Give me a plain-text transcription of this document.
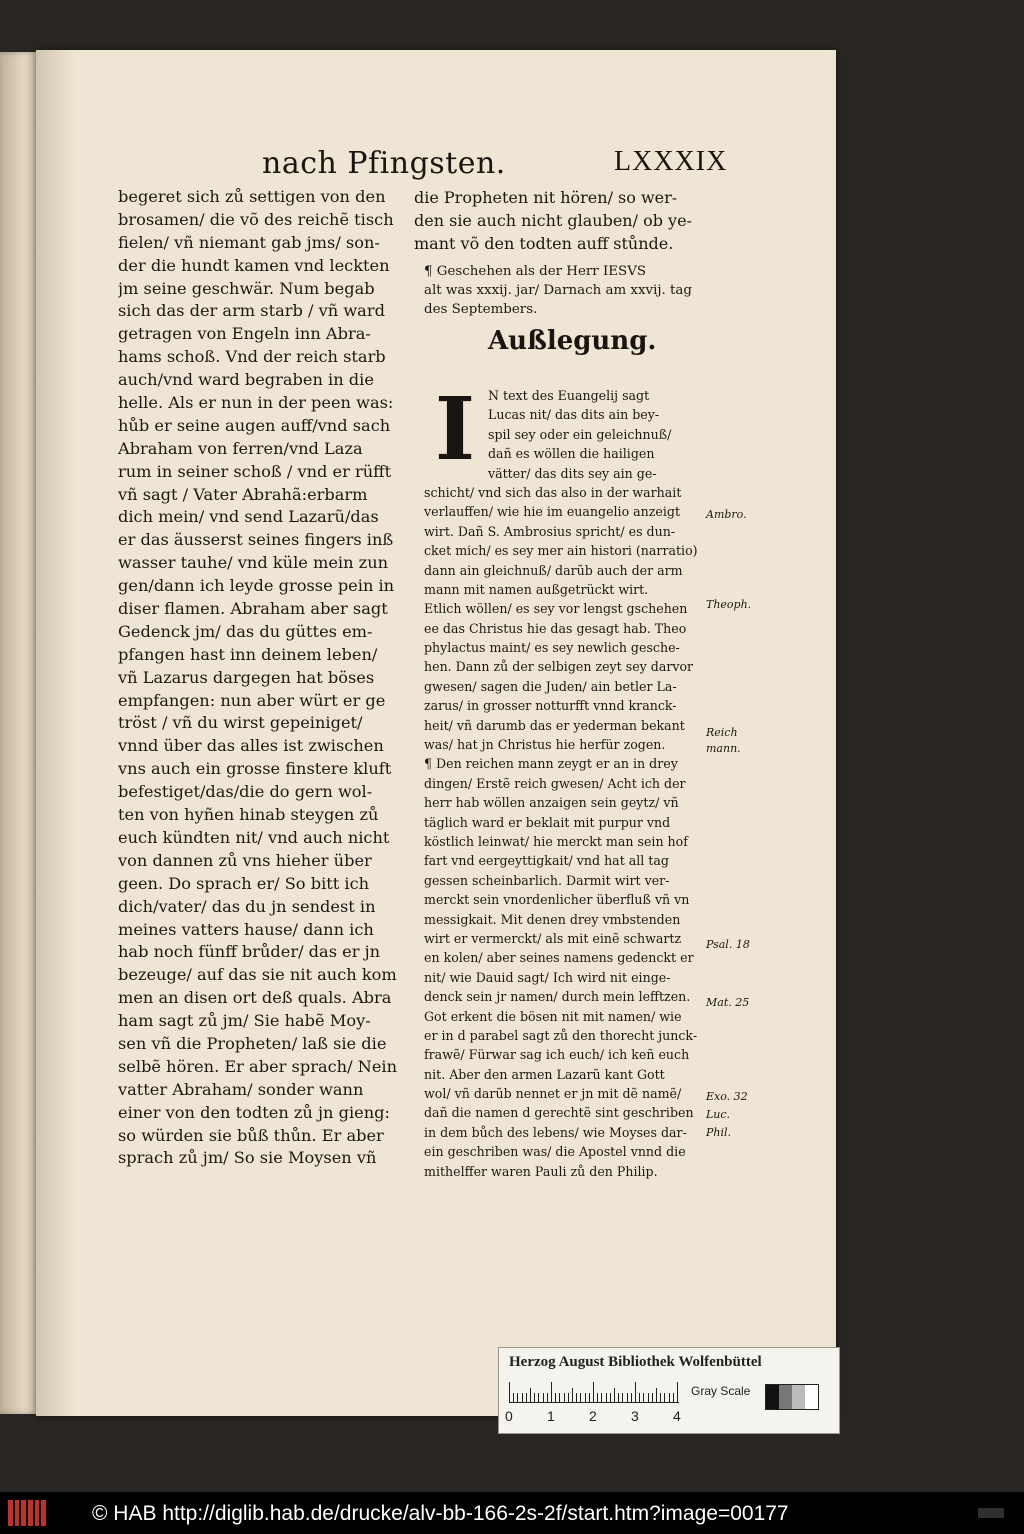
nach Pfingsten.	LXXXIX
begeret sich zů settigen von den
brosamen/ die võ des reichẽ tisch
fielen/ vñ niemant gab jms/ son-
der die hundt kamen vnd leckten
jm seine geschwär. Num begab
sich das der arm starb / vñ ward
getragen von Engeln inn Abra-
hams schoß. Vnd der reich starb
auch/vnd ward begraben in die
helle. Als er nun in der peen was:
hůb er seine augen auff/vnd sach
Abraham von ferren/vnd Laza
rum in seiner schoß / vnd er rüfft
vñ sagt / Vater Abrahã:erbarm
dich mein/ vnd send Lazarũ/das
er das äusserst seines fingers inß
wasser tauhe/ vnd küle mein zun
gen/dann ich leyde grosse pein in
diser flamen. Abraham aber sagt
Gedenck jm/ das du güttes em-
pfangen hast inn deinem leben/
vñ Lazarus dargegen hat böses
empfangen: nun aber würt er ge
tröst / vñ du wirst gepeiniget/
vnnd über das alles ist zwischen
vns auch ein grosse finstere kluft
befestiget/das/die do gern wol-
ten von hyñen hinab steygen zů
euch kündten nit/ vnd auch nicht
von dannen zů vns hieher über
geen. Do sprach er/ So bitt ich
dich/vater/ das du jn sendest in
meines vatters hause/ dann ich
hab noch fünff brůder/ das er jn
bezeuge/ auf das sie nit auch kom
men an disen ort deß quals. Abra
ham sagt zů jm/ Sie habẽ Moy-
sen vñ die Propheten/ laß sie die
selbẽ hören. Er aber sprach/ Nein
vatter Abraham/ sonder wann
einer von den todten zů jn gieng:
so würden sie bůß thůn. Er aber
sprach zů jm/ So sie Moysen vñ
die Propheten nit hören/ so wer-
den sie auch nicht glauben/ ob ye-
mant võ den todten auff stůnde.
¶ Geschehen als der Herr IESVS
alt was xxxij. jar/ Darnach am xxvij. tag
des Septembers.
Außlegung.
I	N text des Euangelij sagt
Lucas nit/ das dits ain bey-
spil sey oder ein geleichnuß/
dañ es wöllen die hailigen
vätter/ das dits sey ain ge-
schicht/ vnd sich das also in der warhait
verlauffen/ wie hie im euangelio anzeigt
wirt. Dañ S. Ambrosius spricht/ es dun-
cket mich/ es sey mer ain histori (narratio)
dann ain gleichnuß/ darũb auch der arm
mann mit namen außgetrückt wirt.
Etlich wöllen/ es sey vor lengst gschehen
ee das Christus hie das gesagt hab. Theo
phylactus maint/ es sey newlich gesche-
hen. Dann zů der selbigen zeyt sey darvor
gwesen/ sagen die Juden/ ain betler La-
zarus/ in grosser notturfft vnnd kranck-
heit/ vñ darumb das er yederman bekant
was/ hat jn Christus hie herfür zogen.
¶ Den reichen mann zeygt er an in drey
dingen/ Erstẽ reich gwesen/ Acht ich der
herr hab wöllen anzaigen sein geytz/ vñ
täglich ward er beklait mit purpur vnd
köstlich leinwat/ hie merckt man sein hof
fart vnd eergeyttigkait/ vnd hat all tag
gessen scheinbarlich. Darmit wirt ver-
merckt sein vnordenlicher überfluß vñ vn
messigkait. Mit denen drey vmbstenden
wirt er vermerckt/ als mit einẽ schwartz
en kolen/ aber seines namens gedenckt er
nit/ wie Dauid sagt/ Ich wird nit einge-
denck sein jr namen/ durch mein lefftzen.
Got erkent die bösen nit mit namen/ wie
er in d parabel sagt zů den thorecht junck-
frawẽ/ Fürwar sag ich euch/ ich keñ euch
nit. Aber den armen Lazarũ kant Gott
wol/ vñ darũb nennet er jn mit dẽ namẽ/
dañ die namen d gerechtẽ sint geschriben
in dem bůch des lebens/ wie Moyses dar-
ein geschriben was/ die Apostel vnnd die
mithelffer waren Pauli zů den Philip.
Ambro.
Theoph.
Reich
mann.
Psal. 18
Mat. 25
Exo. 32
Luc.
Phil.
Herzog August Bibliothek Wolfenbüttel
0 1 2 3 4
Gray Scale
© HAB http://diglib.hab.de/drucke/alv-bb-166-2s-2f/start.htm?image=00177
